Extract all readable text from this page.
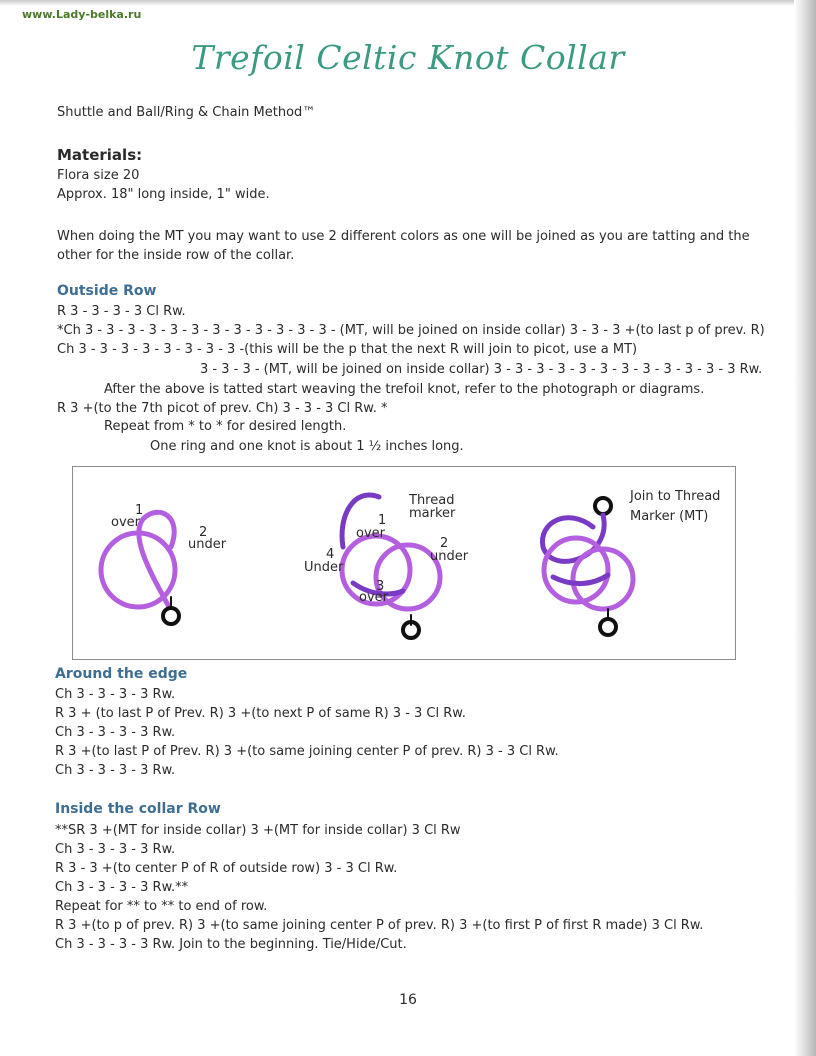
www.Lady-belka.ru
Trefoil Celtic Knot Collar
Shuttle and Ball/Ring & Chain Method™
Materials:
Flora size 20
Approx. 18" long inside, 1" wide.
When doing the MT you may want to use 2 different colors as one will be joined as you are tatting and the
other for the inside row of the collar.
Outside Row
R 3 - 3 - 3 - 3 Cl Rw.
*Ch 3 - 3 - 3 - 3 - 3 - 3 - 3 - 3 - 3 - 3 - 3 - 3 - (MT, will be joined on inside collar) 3 - 3 - 3 +(to last p of prev. R)
Ch 3 - 3 - 3 - 3 - 3 - 3 - 3 - 3 -(this will be the p that the next R will join to picot, use a MT)
3 - 3 - 3 - (MT, will be joined on inside collar) 3 - 3 - 3 - 3 - 3 - 3 - 3 - 3 - 3 - 3 - 3 - 3 Rw.
After the above is tatted start weaving the trefoil knot, refer to the photograph or diagrams.
R 3 +(to the 7th picot of prev. Ch) 3 - 3 - 3 Cl Rw. *
Repeat from * to * for desired length.
One ring and one knot is about 1 ½ inches long.
1
over
2
under
Thread
marker
1
over
2
under
4
Under
3
over
Join to Thread
Marker (MT)
Around the edge
Ch 3 - 3 - 3 - 3 Rw.
R 3 + (to last P of Prev. R) 3 +(to next P of same R) 3 - 3 Cl Rw.
Ch 3 - 3 - 3 - 3 Rw.
R 3 +(to last P of Prev. R) 3 +(to same joining center P of prev. R) 3 - 3 Cl Rw.
Ch 3 - 3 - 3 - 3 Rw.
Inside the collar Row
**SR 3 +(MT for inside collar) 3 +(MT for inside collar) 3 Cl Rw
Ch 3 - 3 - 3 - 3 Rw.
R 3 - 3 +(to center P of R of outside row) 3 - 3 Cl Rw.
Ch 3 - 3 - 3 - 3 Rw.**
Repeat for ** to ** to end of row.
R 3 +(to p of prev. R) 3 +(to same joining center P of prev. R) 3 +(to first P of first R made) 3 Cl Rw.
Ch 3 - 3 - 3 - 3 Rw. Join to the beginning. Tie/Hide/Cut.
16
